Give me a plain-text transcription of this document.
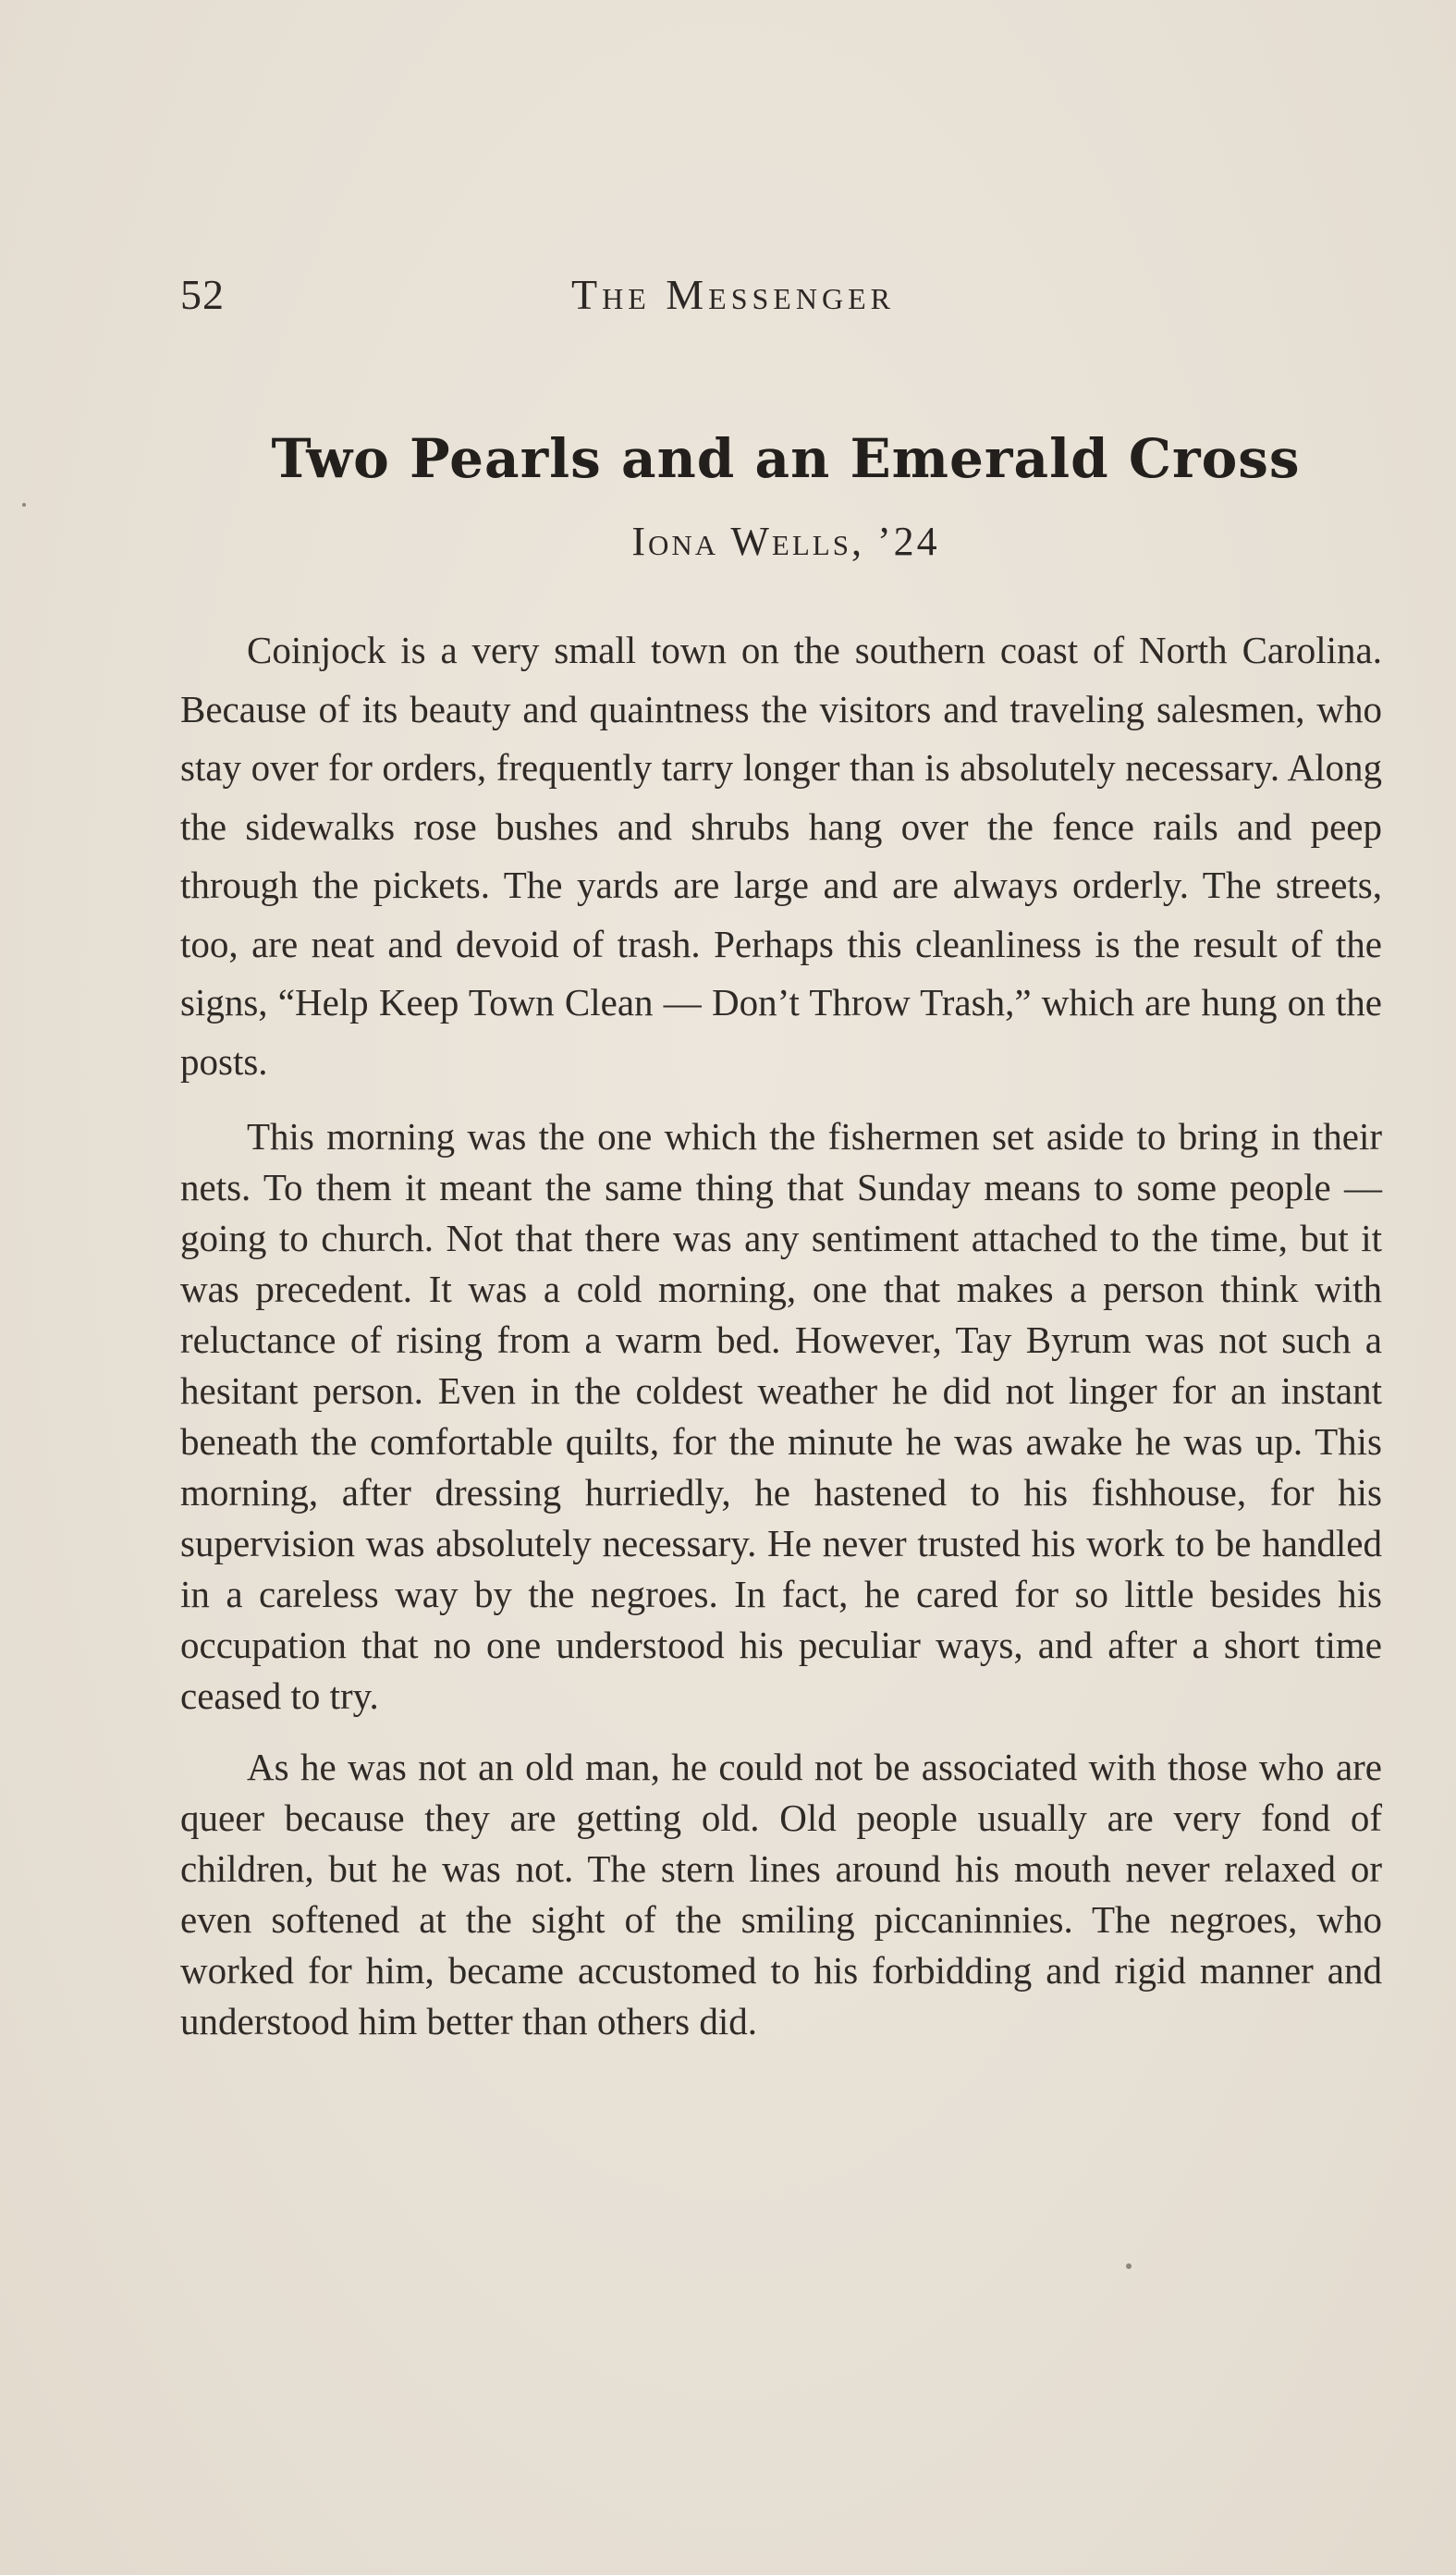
52	The Messenger
Two Pearls and an Emerald Cross
Iona Wells, ’24

Coinjock is a very small town on the southern coast of North Carolina. Because of its beauty and quaintness the visitors and traveling salesmen, who stay over for orders, frequently tarry longer than is absolutely necessary. Along the sidewalks rose bushes and shrubs hang over the fence rails and peep through the pickets. The yards are large and are always orderly. The streets, too, are neat and devoid of trash. Perhaps this cleanliness is the result of the signs, “Help Keep Town Clean — Don’t Throw Trash,” which are hung on the posts.

This morning was the one which the fishermen set aside to bring in their nets. To them it meant the same thing that Sunday means to some people — going to church. Not that there was any sentiment attached to the time, but it was precedent. It was a cold morning, one that makes a person think with reluctance of rising from a warm bed. However, Tay Byrum was not such a hesitant person. Even in the coldest weather he did not linger for an instant beneath the comfortable quilts, for the minute he was awake he was up. This morning, after dressing hurriedly, he hastened to his fishhouse, for his supervision was absolutely necessary. He never trusted his work to be handled in a careless way by the negroes. In fact, he cared for so little besides his occupation that no one understood his peculiar ways, and after a short time ceased to try.

As he was not an old man, he could not be associated with those who are queer because they are getting old. Old people usually are very fond of children, but he was not. The stern lines around his mouth never relaxed or even softened at the sight of the smiling piccaninnies. The negroes, who worked for him, became accustomed to his forbidding and rigid manner and understood him better than others did.
